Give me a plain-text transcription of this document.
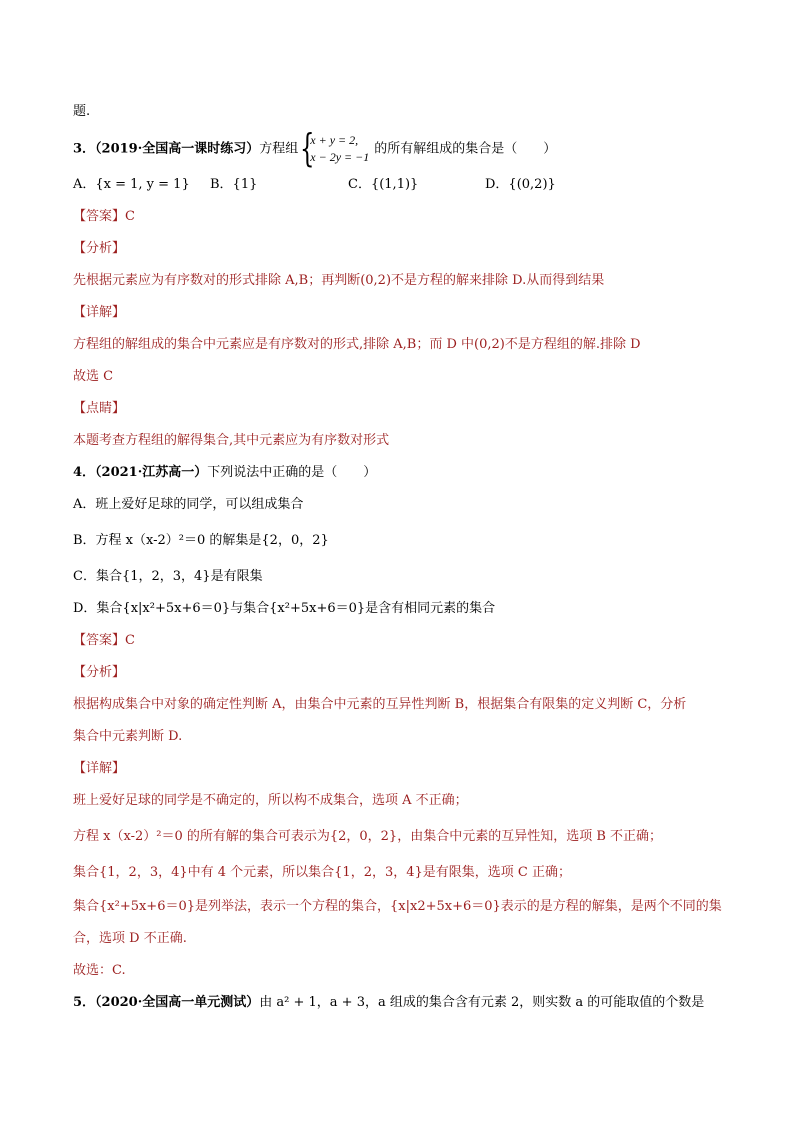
题.
3．（2019·全国高一课时练习）方程组 {
x + y = 2,
x − 2y = −1
的所有解组成的集合是（　　）
A．{x = 1, y = 1} B．{1}	C．{(1,1)}	D．{(0,2)}
【答案】C
【分析】
先根据元素应为有序数对的形式排除 A,B；再判断(0,2)不是方程的解来排除 D.从而得到结果
【详解】
方程组的解组成的集合中元素应是有序数对的形式,排除 A,B；而 D 中(0,2)不是方程组的解.排除 D
故选 C
【点睛】
本题考查方程组的解得集合,其中元素应为有序数对形式
4．（2021·江苏高一）下列说法中正确的是（　　）
A．班上爱好足球的同学，可以组成集合
B．方程 x（x-2）²＝0 的解集是{2，0，2}
C．集合{1，2，3，4}是有限集
D．集合{x|x²+5x+6＝0}与集合{x²+5x+6＝0}是含有相同元素的集合
【答案】C
【分析】
根据构成集合中对象的确定性判断 A，由集合中元素的互异性判断 B，根据集合有限集的定义判断 C，分析
集合中元素判断 D.
【详解】
班上爱好足球的同学是不确定的，所以构不成集合，选项 A 不正确；
方程 x（x-2）²＝0 的所有解的集合可表示为{2，0，2}，由集合中元素的互异性知，选项 B 不正确；
集合{1，2，3，4}中有 4 个元素，所以集合{1，2，3，4}是有限集，选项 C 正确；
集合{x²+5x+6＝0}是列举法，表示一个方程的集合，{x|x2+5x+6＝0}表示的是方程的解集，是两个不同的集
合，选项 D 不正确.
故选：C.
5．（2020·全国高一单元测试）由 a² + 1，a + 3，a 组成的集合含有元素 2，则实数 a 的可能取值的个数是
